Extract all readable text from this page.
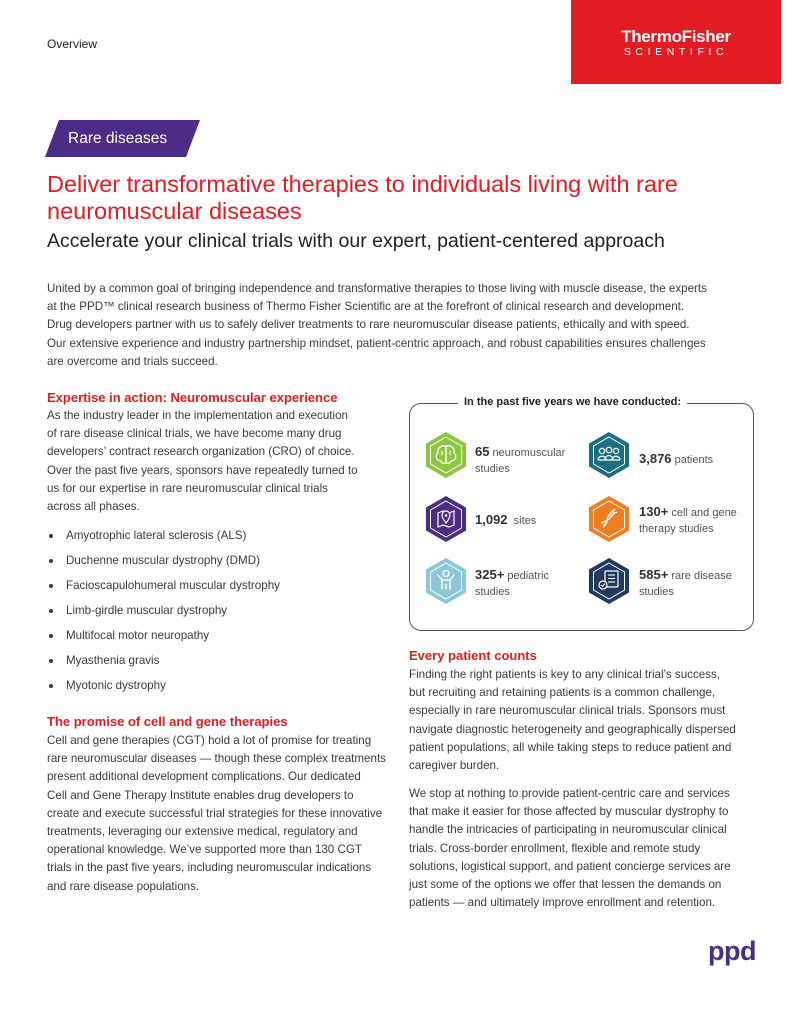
Overview	ThermoFisher
SCIENTIFIC
Rare diseases
Deliver transformative therapies to individuals living with rare neuromuscular diseases
Accelerate your clinical trials with our expert, patient-centered approach

United by a common goal of bringing independence and transformative therapies to those living with muscle disease, the experts

at the PPD™ clinical research business of Thermo Fisher Scientific are at the forefront of clinical research and development.

Drug developers partner with us to safely deliver treatments to rare neuromuscular disease patients, ethically and with speed.

Our extensive experience and industry partnership mindset, patient-centric approach, and robust capabilities ensures challenges

are overcome and trials succeed.

Expertise in action: Neuromuscular experience

As the industry leader in the implementation and execution

of rare disease clinical trials, we have become many drug

developers’ contract research organization (CRO) of choice.

Over the past five years, sponsors have repeatedly turned to

us for our expertise in rare neuromuscular clinical trials

across all phases.

Amyotrophic lateral sclerosis (ALS)
Duchenne muscular dystrophy (DMD)
Facioscapulohumeral muscular dystrophy
Limb-girdle muscular dystrophy
Multifocal motor neuropathy
Myasthenia gravis
Myotonic dystrophy
The promise of cell and gene therapies

Cell and gene therapies (CGT) hold a lot of promise for treating

rare neuromuscular diseases — though these complex treatments

present additional development complications. Our dedicated

Cell and Gene Therapy Institute enables drug developers to

create and execute successful trial strategies for these innovative

treatments, leveraging our extensive medical, regulatory and

operational knowledge. We’ve supported more than 130 CGT

trials in the past five years, including neuromuscular indications

and rare disease populations.

In the past five years we have conducted:
65 neuromuscular
studies
3,876 patients
1,092 sites
130+ cell and gene
therapy studies
325+ pediatric
studies
585+ rare disease
studies
Every patient counts

Finding the right patients is key to any clinical trial’s success,

but recruiting and retaining patients is a common challenge,

especially in rare neuromuscular clinical trials. Sponsors must

navigate diagnostic heterogeneity and geographically dispersed

patient populations, all while taking steps to reduce patient and

caregiver burden.

We stop at nothing to provide patient-centric care and services

that make it easier for those affected by muscular dystrophy to

handle the intricacies of participating in neuromuscular clinical

trials. Cross-border enrollment, flexible and remote study

solutions, logistical support, and patient concierge services are

just some of the options we offer that lessen the demands on

patients — and ultimately improve enrollment and retention.

ppd
